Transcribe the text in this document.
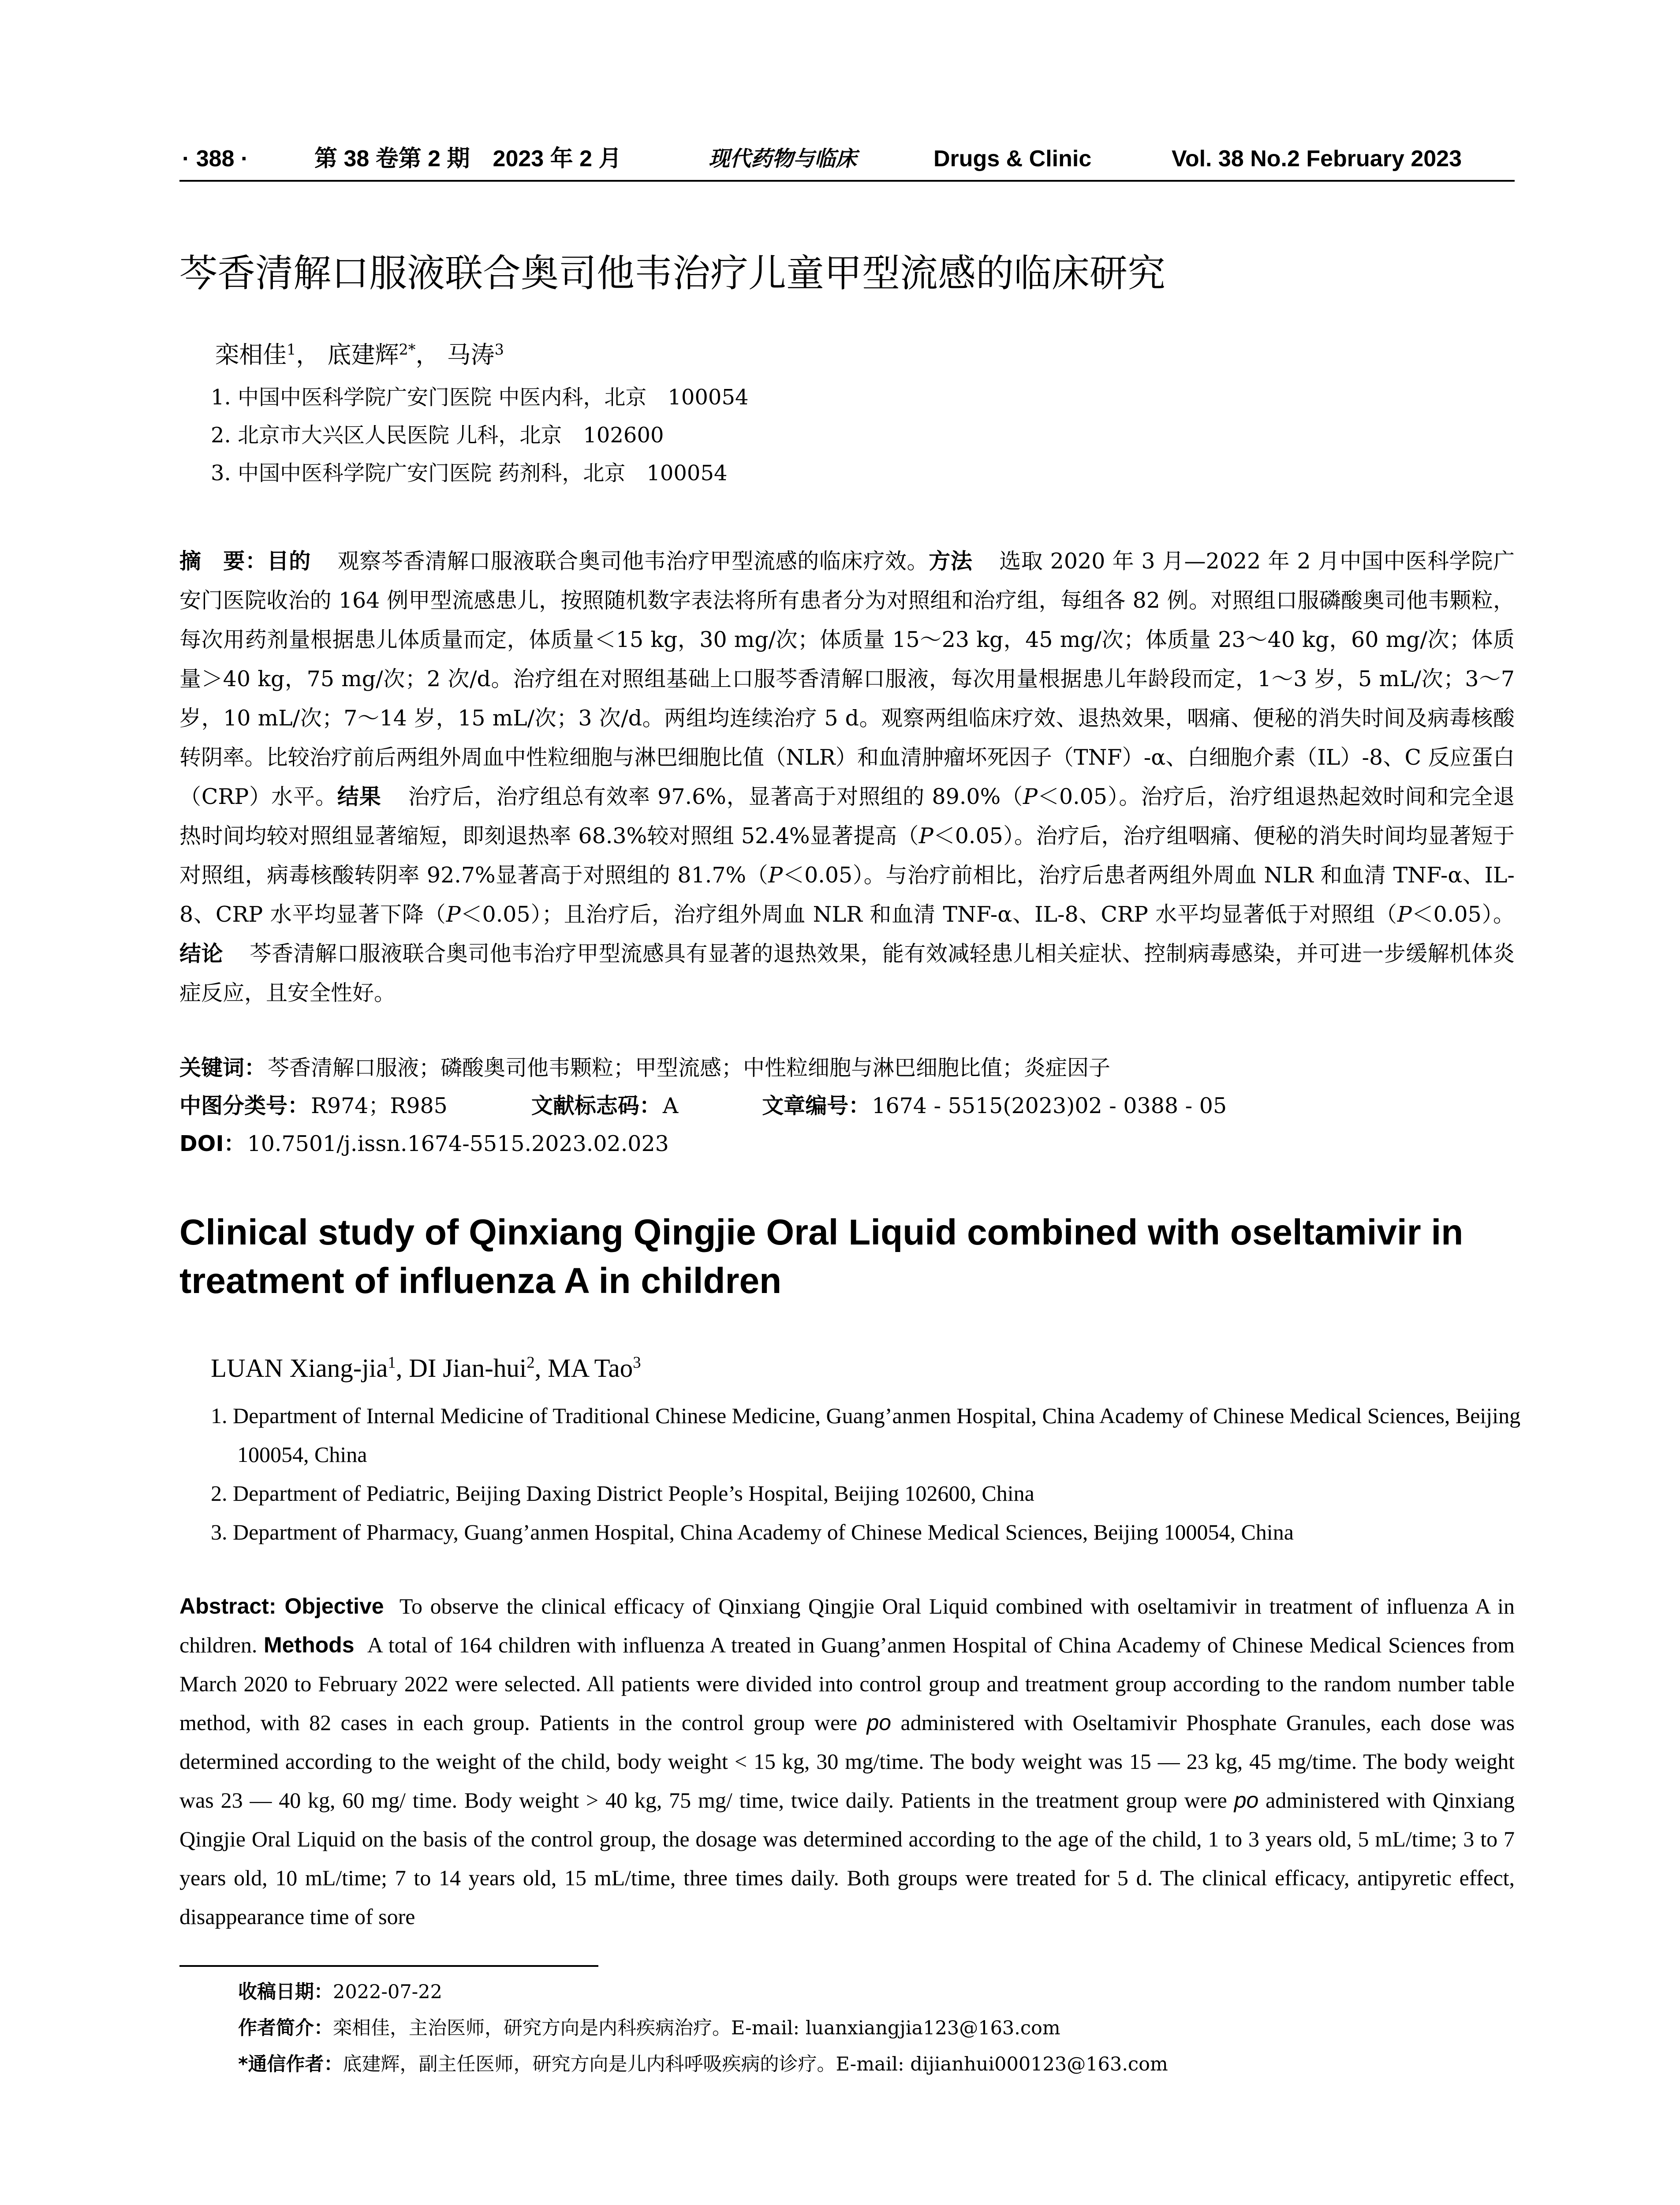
· 388 ·	第 38 卷第 2 期　2023 年 2 月	现代药物与临床	Drugs & Clinic	Vol. 38 No.2 February 2023
芩香清解口服液联合奥司他韦治疗儿童甲型流感的临床研究
栾相佳$^1$， 底建辉$^{2*}$， 马涛$^3$
1. 中国中医科学院广安门医院 中医内科，北京　100054
2. 北京市大兴区人民医院 儿科，北京　102600
3. 中国中医科学院广安门医院 药剂科，北京　100054
摘　要：目的 观察芩香清解口服液联合奥司他韦治疗甲型流感的临床疗效。方法 选取 2020 年 3 月—2022 年 2 月中国中医科学院广安门医院收治的 164 例甲型流感患儿，按照随机数字表法将所有患者分为对照组和治疗组，每组各 82 例。对照组口服磷酸奥司他韦颗粒，每次用药剂量根据患儿体质量而定，体质量＜15 kg，30 mg/次；体质量 15～23 kg，45 mg/次；体质量 23～40 kg，60 mg/次；体质量＞40 kg，75 mg/次；2 次/d。治疗组在对照组基础上口服芩香清解口服液，每次用量根据患儿年龄段而定，1～3 岁，5 mL/次；3～7 岁，10 mL/次；7～14 岁，15 mL/次；3 次/d。两组均连续治疗 5 d。观察两组临床疗效、退热效果，咽痛、便秘的消失时间及病毒核酸转阴率。比较治疗前后两组外周血中性粒细胞与淋巴细胞比值（NLR）和血清肿瘤坏死因子（TNF）-α、白细胞介素（IL）-8、C 反应蛋白（CRP）水平。结果 治疗后，治疗组总有效率 97.6%，显著高于对照组的 89.0%（P＜0.05）。治疗后，治疗组退热起效时间和完全退热时间均较对照组显著缩短，即刻退热率 68.3%较对照组 52.4%显著提高（P＜0.05）。治疗后，治疗组咽痛、便秘的消失时间均显著短于对照组，病毒核酸转阴率 92.7%显著高于对照组的 81.7%（P＜0.05）。与治疗前相比，治疗后患者两组外周血 NLR 和血清 TNF-α、IL-8、CRP 水平均显著下降（P＜0.05）；且治疗后，治疗组外周血 NLR 和血清 TNF-α、IL-8、CRP 水平均显著低于对照组（P＜0.05）。结论 芩香清解口服液联合奥司他韦治疗甲型流感具有显著的退热效果，能有效减轻患儿相关症状、控制病毒感染，并可进一步缓解机体炎症反应，且安全性好。
关键词：芩香清解口服液；磷酸奥司他韦颗粒；甲型流感；中性粒细胞与淋巴细胞比值；炎症因子
中图分类号：R974；R985	文献标志码：A	文章编号：1674 - 5515(2023)02 - 0388 - 05
DOI：10.7501/j.issn.1674-5515.2023.02.023
Clinical study of Qinxiang Qingjie Oral Liquid combined with oseltamivir in treatment of influenza A in children
LUAN Xiang-jia$^1$, DI Jian-hui$^2$, MA Tao$^3$
1. Department of Internal Medicine of Traditional Chinese Medicine, Guang’anmen Hospital, China Academy of Chinese Medical Sciences, Beijing 100054, China
2. Department of Pediatric, Beijing Daxing District People’s Hospital, Beijing 102600, China
3. Department of Pharmacy, Guang’anmen Hospital, China Academy of Chinese Medical Sciences, Beijing 100054, China
Abstract: Objective To observe the clinical efficacy of Qinxiang Qingjie Oral Liquid combined with oseltamivir in treatment of influenza A in children. Methods A total of 164 children with influenza A treated in Guang’anmen Hospital of China Academy of Chinese Medical Sciences from March 2020 to February 2022 were selected. All patients were divided into control group and treatment group according to the random number table method, with 82 cases in each group. Patients in the control group were po administered with Oseltamivir Phosphate Granules, each dose was determined according to the weight of the child, body weight < 15 kg, 30 mg/time. The body weight was 15 — 23 kg, 45 mg/time. The body weight was 23 — 40 kg, 60 mg/ time. Body weight > 40 kg, 75 mg/ time, twice daily. Patients in the treatment group were po administered with Qinxiang Qingjie Oral Liquid on the basis of the control group, the dosage was determined according to the age of the child, 1 to 3 years old, 5 mL/time; 3 to 7 years old, 10 mL/time; 7 to 14 years old, 15 mL/time, three times daily. Both groups were treated for 5 d. The clinical efficacy, antipyretic effect, disappearance time of sore
收稿日期：2022-07-22
作者简介：栾相佳，主治医师，研究方向是内科疾病治疗。E-mail: luanxiangjia123@163.com
*通信作者：底建辉，副主任医师，研究方向是儿内科呼吸疾病的诊疗。E-mail: dijianhui000123@163.com
